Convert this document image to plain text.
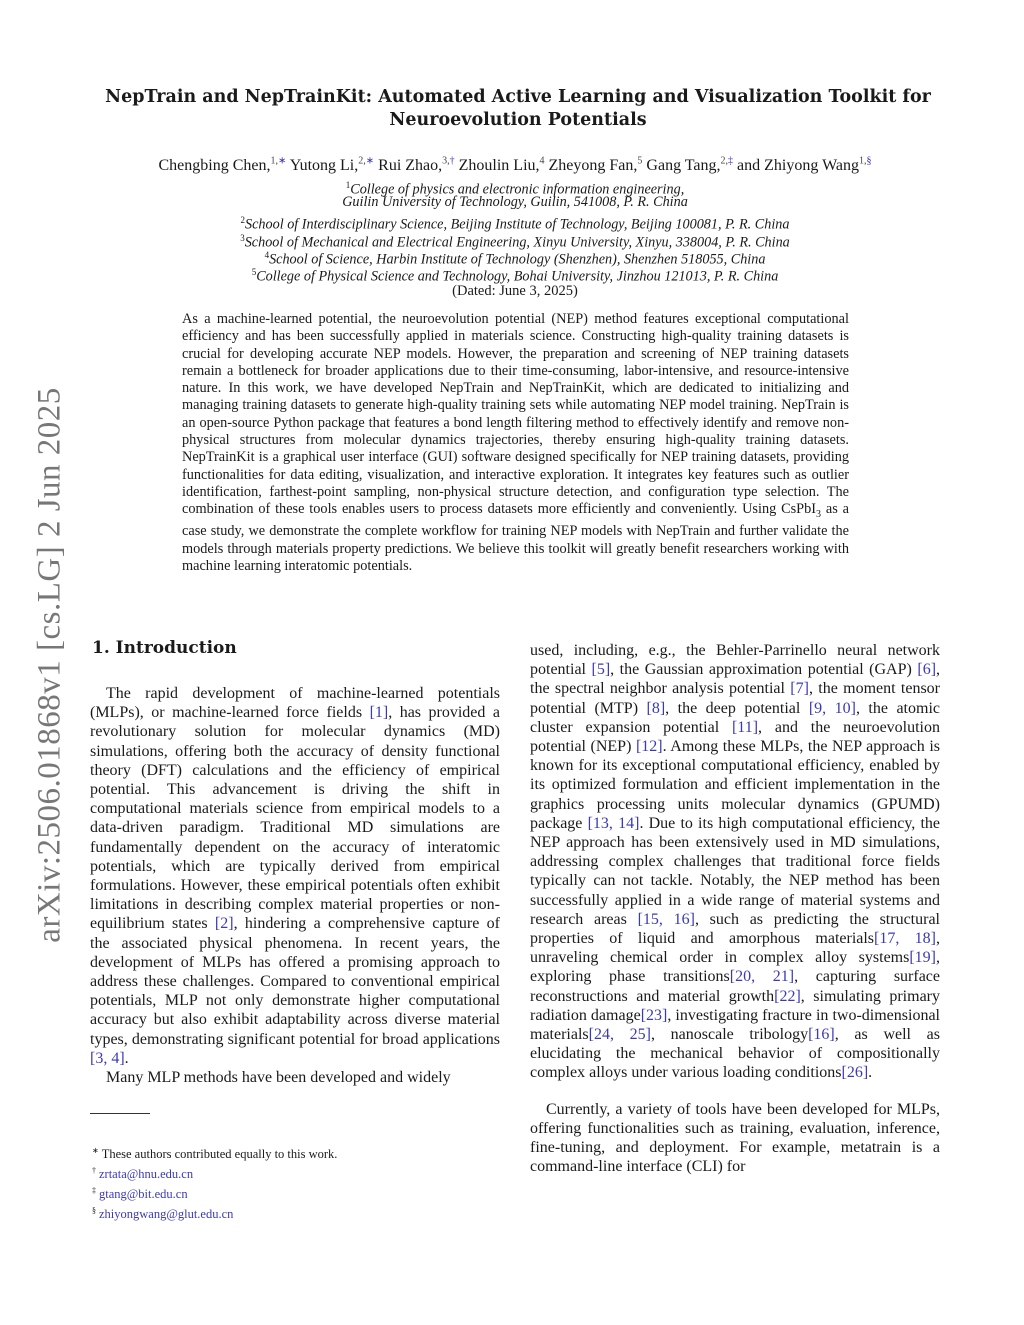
arXiv:2506.01868v1 [cs.LG] 2 Jun 2025
NepTrain and NepTrainKit: Automated Active Learning and Visualization Toolkit for
Neuroevolution Potentials
Chengbing Chen,$^{1,∗}$ Yutong Li,$^{2,∗}$ Rui Zhao,$^{3,\dagger}$ Zhoulin Liu,$^4$ Zheyong Fan,$^5$ Gang Tang,$^{2,\ddagger}$ and Zhiyong Wang$^{1,\S}$
$^1$College of physics and electronic information engineering,
Guilin University of Technology, Guilin, 541008, P. R. China
$^2$School of Interdisciplinary Science, Beijing Institute of Technology, Beijing 100081, P. R. China
$^3$School of Mechanical and Electrical Engineering, Xinyu University, Xinyu, 338004, P. R. China
$^4$School of Science, Harbin Institute of Technology (Shenzhen), Shenzhen 518055, China
$^5$College of Physical Science and Technology, Bohai University, Jinzhou 121013, P. R. China
(Dated: June 3, 2025)

As a machine-learned potential, the neuroevolution potential (NEP) method features exceptional computational efficiency and has been successfully applied in materials science. Constructing high-quality training datasets is crucial for developing accurate NEP models. However, the preparation and screening of NEP training datasets remain a bottleneck for broader applications due to their time-consuming, labor-intensive, and resource-intensive nature. In this work, we have developed NepTrain and NepTrainKit, which are dedicated to initializing and managing training datasets to generate high-quality training sets while automating NEP model training. NepTrain is an open-source Python package that features a bond length filtering method to effectively identify and remove non-physical structures from molecular dynamics trajectories, thereby ensuring high-quality training datasets. NepTrainKit is a graphical user interface (GUI) software designed specifically for NEP training datasets, providing functionalities for data editing, visualization, and interactive exploration. It integrates key features such as outlier identification, farthest-point sampling, non-physical structure detection, and configuration type selection. The combination of these tools enables users to process datasets more efficiently and conveniently. Using CsPbI$_3$ as a case study, we demonstrate the complete workflow for training NEP models with NepTrain and further validate the models through materials property predictions. We believe this toolkit will greatly benefit researchers working with machine learning interatomic potentials.

1. Introduction

The rapid development of machine-learned potentials (MLPs), or machine-learned force fields [1], has provided a revolutionary solution for molecular dynamics (MD) simulations, offering both the accuracy of density functional theory (DFT) calculations and the efficiency of empirical potential. This advancement is driving the shift in computational materials science from empirical models to a data-driven paradigm. Traditional MD simulations are fundamentally dependent on the accuracy of interatomic potentials, which are typically derived from empirical formulations. However, these empirical potentials often exhibit limitations in describing complex material properties or non-equilibrium states [2], hindering a comprehensive capture of the associated physical phenomena. In recent years, the development of MLPs has offered a promising approach to address these challenges. Compared to conventional empirical potentials, MLP not only demonstrate higher computational accuracy but also exhibit adaptability across diverse material types, demonstrating significant potential for broad applications [3, 4].

Many MLP methods have been developed and widely

used, including, e.g., the Behler-Parrinello neural network potential [5], the Gaussian approximation potential (GAP) [6], the spectral neighbor analysis potential [7], the moment tensor potential (MTP) [8], the deep potential [9, 10], the atomic cluster expansion potential [11], and the neuroevolution potential (NEP) [12]. Among these MLPs, the NEP approach is known for its exceptional computational efficiency, enabled by its optimized formulation and efficient implementation in the graphics processing units molecular dynamics (GPUMD) package [13, 14]. Due to its high computational efficiency, the NEP approach has been extensively used in MD simulations, addressing complex challenges that traditional force fields typically can not tackle. Notably, the NEP method has been successfully applied in a wide range of material systems and research areas [15, 16], such as predicting the structural properties of liquid and amorphous materials[17, 18], unraveling chemical order in complex alloy systems[19], exploring phase transitions[20, 21], capturing surface reconstructions and material growth[22], simulating primary radiation damage[23], investigating fracture in two-dimensional materials[24, 25], nanoscale tribology[16], as well as elucidating the mechanical behavior of compositionally complex alloys under various loading conditions[26].

Currently, a variety of tools have been developed for MLPs, offering functionalities such as training, evaluation, inference, fine-tuning, and deployment. For example, metatrain is a command-line interface (CLI) for

∗ These authors contributed equally to this work.
† zrtata@hnu.edu.cn
‡ gtang@bit.edu.cn
§ zhiyongwang@glut.edu.cn
